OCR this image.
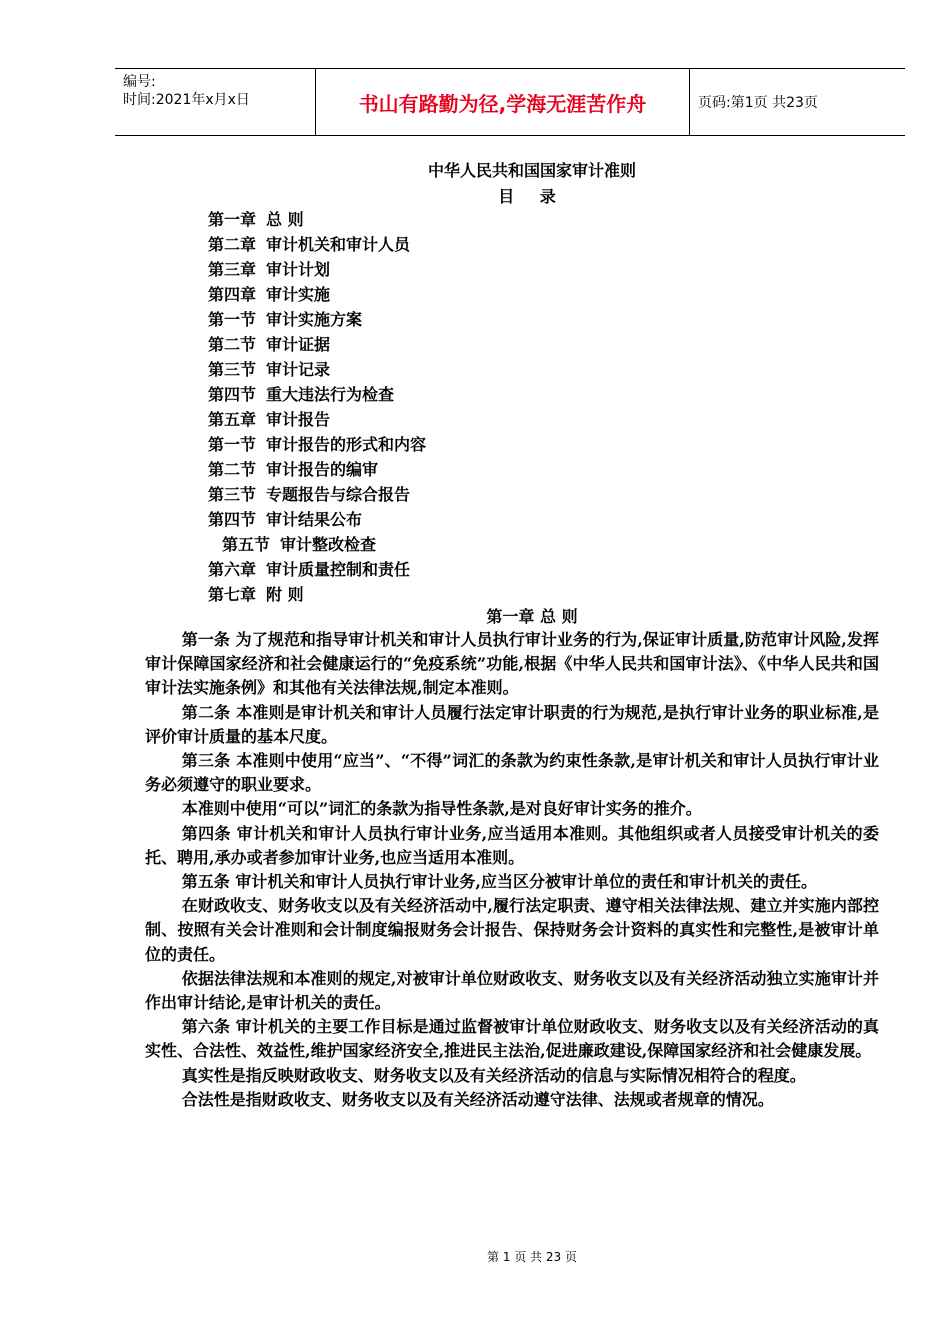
编号:
时间:2021年x月x日	书山有路勤为径,学海无涯苦作舟	页码:第1页 共23页
中华人民共和国国家审计准则
目 录
第一章 总 则
第二章 审计机关和审计人员
第三章 审计计划
第四章 审计实施
第一节 审计实施方案
第二节 审计证据
第三节 审计记录
第四节 重大违法行为检查
第五章 审计报告
第一节 审计报告的形式和内容
第二节 审计报告的编审
第三节 专题报告与综合报告
第四节 审计结果公布
第五节 审计整改检查
第六章 审计质量控制和责任
第七章 附 则
第一章 总 则

第一条 为了规范和指导审计机关和审计人员执行审计业务的行为,保证审计质量,防范审计风险,发挥审计保障国家经济和社会健康运行的“免疫系统”功能,根据《中华人民共和国审计法》、《中华人民共和国审计法实施条例》和其他有关法律法规,制定本准则。

第二条 本准则是审计机关和审计人员履行法定审计职责的行为规范,是执行审计业务的职业标准,是评价审计质量的基本尺度。

第三条 本准则中使用“应当”、“不得”词汇的条款为约束性条款,是审计机关和审计人员执行审计业务必须遵守的职业要求。

本准则中使用“可以”词汇的条款为指导性条款,是对良好审计实务的推介。

第四条 审计机关和审计人员执行审计业务,应当适用本准则。其他组织或者人员接受审计机关的委托、聘用,承办或者参加审计业务,也应当适用本准则。

第五条 审计机关和审计人员执行审计业务,应当区分被审计单位的责任和审计机关的责任。

在财政收支、财务收支以及有关经济活动中,履行法定职责、遵守相关法律法规、建立并实施内部控制、按照有关会计准则和会计制度编报财务会计报告、保持财务会计资料的真实性和完整性,是被审计单位的责任。

依据法律法规和本准则的规定,对被审计单位财政收支、财务收支以及有关经济活动独立实施审计并作出审计结论,是审计机关的责任。

第六条 审计机关的主要工作目标是通过监督被审计单位财政收支、财务收支以及有关经济活动的真实性、合法性、效益性,维护国家经济安全,推进民主法治,促进廉政建设,保障国家经济和社会健康发展。

真实性是指反映财政收支、财务收支以及有关经济活动的信息与实际情况相符合的程度。

合法性是指财政收支、财务收支以及有关经济活动遵守法律、法规或者规章的情况。

第 1 页 共 23 页
